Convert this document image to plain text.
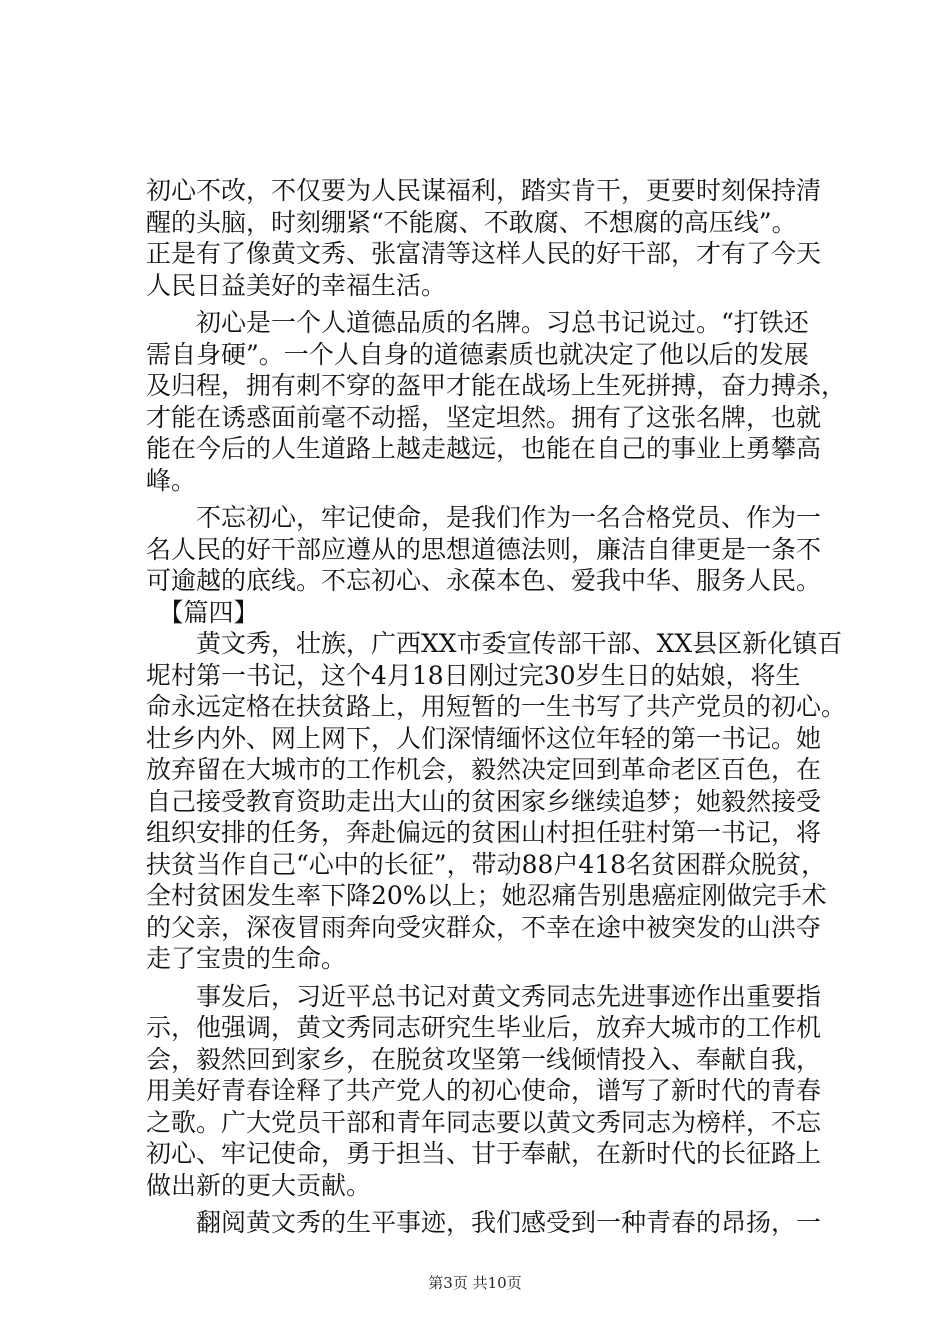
初心不改，不仅要为人民谋福利，踏实肯干，更要时刻保持清
醒的头脑，时刻绷紧“不能腐、不敢腐、不想腐的高压线”。
正是有了像黄文秀、张富清等这样人民的好干部，才有了今天
人民日益美好的幸福生活。
　　初心是一个人道德品质的名牌。习总书记说过。“打铁还
需自身硬”。一个人自身的道德素质也就决定了他以后的发展
及归程，拥有刺不穿的盔甲才能在战场上生死拼搏，奋力搏杀，
才能在诱惑面前毫不动摇，坚定坦然。拥有了这张名牌，也就
能在今后的人生道路上越走越远，也能在自己的事业上勇攀高
峰。
　　不忘初心，牢记使命，是我们作为一名合格党员、作为一
名人民的好干部应遵从的思想道德法则，廉洁自律更是一条不
可逾越的底线。不忘初心、永葆本色、爱我中华、服务人民。
　【篇四】
　　黄文秀，壮族，广西XX市委宣传部干部、XX县区新化镇百
坭村第一书记，这个4月18日刚过完30岁生日的姑娘，将生
命永远定格在扶贫路上，用短暂的一生书写了共产党员的初心。
壮乡内外、网上网下，人们深情缅怀这位年轻的第一书记。她
放弃留在大城市的工作机会，毅然决定回到革命老区百色，在
自己接受教育资助走出大山的贫困家乡继续追梦；她毅然接受
组织安排的任务，奔赴偏远的贫困山村担任驻村第一书记，将
扶贫当作自己“心中的长征”，带动88户418名贫困群众脱贫，
全村贫困发生率下降20%以上；她忍痛告别患癌症刚做完手术
的父亲，深夜冒雨奔向受灾群众，不幸在途中被突发的山洪夺
走了宝贵的生命。
　　事发后，习近平总书记对黄文秀同志先进事迹作出重要指
示，他强调，黄文秀同志研究生毕业后，放弃大城市的工作机
会，毅然回到家乡，在脱贫攻坚第一线倾情投入、奉献自我，
用美好青春诠释了共产党人的初心使命，谱写了新时代的青春
之歌。广大党员干部和青年同志要以黄文秀同志为榜样，不忘
初心、牢记使命，勇于担当、甘于奉献，在新时代的长征路上
做出新的更大贡献。
　　翻阅黄文秀的生平事迹，我们感受到一种青春的昂扬，一
第3页 共10页
